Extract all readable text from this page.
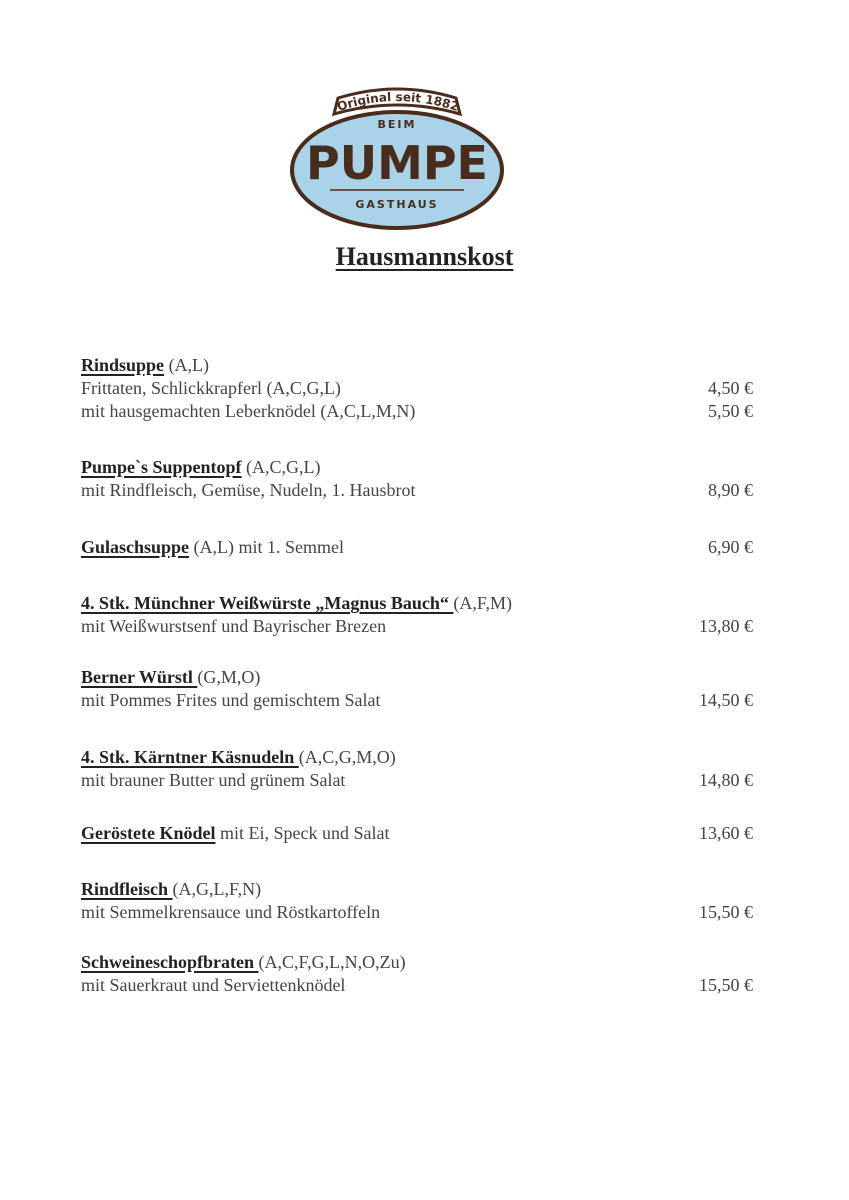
Original seit 1882
BEIM
PUMPE
GASTHAUS
Hausmannskost
Rindsuppe (A,L)
Frittaten, Schlickkrapferl (A,C,G,L)	4,50 €
mit hausgemachten Leberknödel (A,C,L,M,N)	5,50 €
Pumpe`s Suppentopf (A,C,G,L)
mit Rindfleisch, Gemüse, Nudeln, 1. Hausbrot	8,90 €
Gulaschsuppe (A,L) mit 1. Semmel	6,90 €
4. Stk. Münchner Weißwürste „Magnus Bauch“ (A,F,M)
mit Weißwurstsenf und Bayrischer Brezen	13,80 €
Berner Würstl (G,M,O)
mit Pommes Frites und gemischtem Salat	14,50 €
4. Stk. Kärntner Käsnudeln (A,C,G,M,O)
mit brauner Butter und grünem Salat	14,80 €
Geröstete Knödel mit Ei, Speck und Salat	13,60 €
Rindfleisch (A,G,L,F,N)
mit Semmelkrensauce und Röstkartoffeln	15,50 €
Schweineschopfbraten (A,C,F,G,L,N,O,Zu)
mit Sauerkraut und Serviettenknödel	15,50 €
